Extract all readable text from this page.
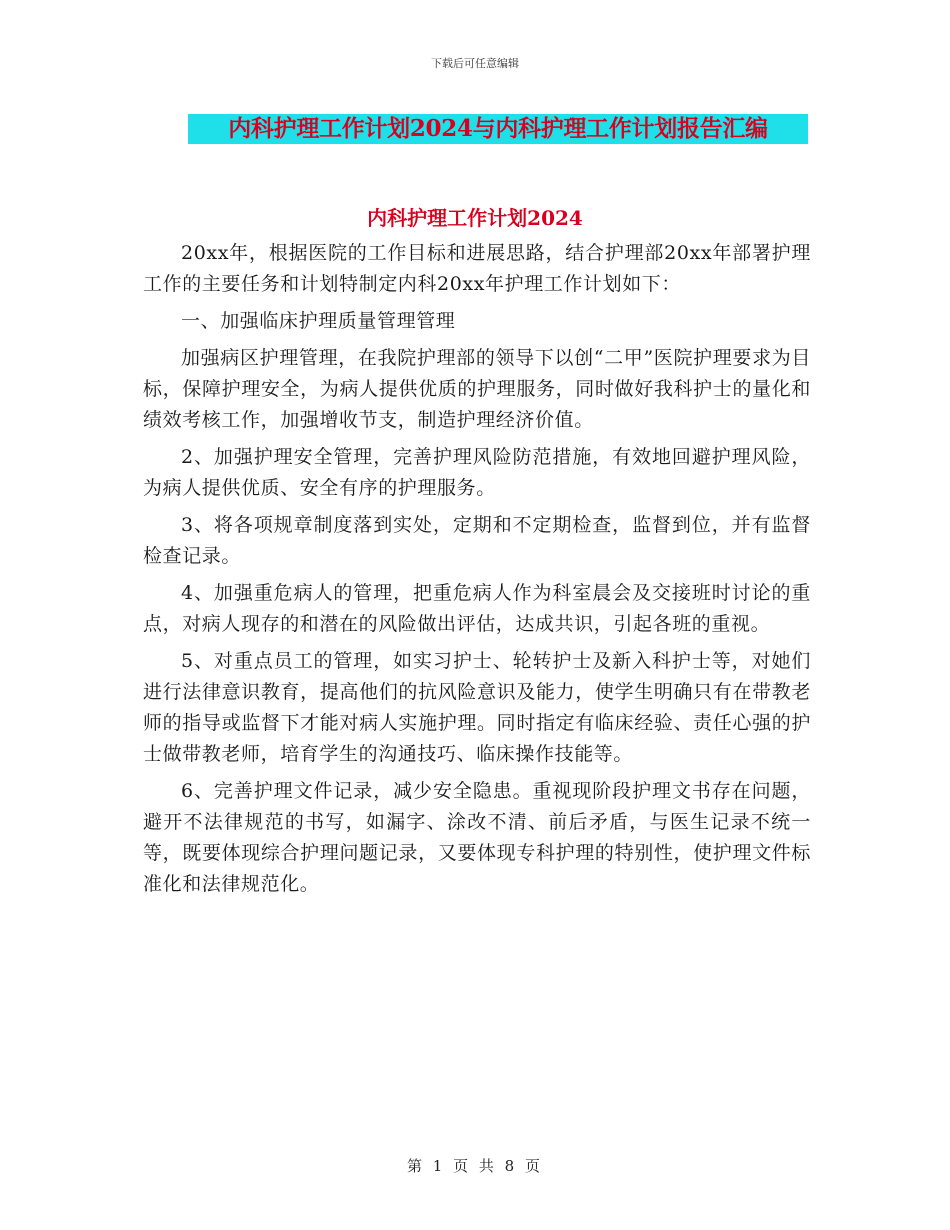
下载后可任意编辑
内科护理工作计划2024与内科护理工作计划报告汇编
内科护理工作计划2024

20xx年，根据医院的工作目标和进展思路，结合护理部20xx年部署护理工作的主要任务和计划特制定内科20xx年护理工作计划如下：

一、加强临床护理质量管理管理

加强病区护理管理，在我院护理部的领导下以创“二甲”医院护理要求为目标，保障护理安全，为病人提供优质的护理服务，同时做好我科护士的量化和绩效考核工作，加强增收节支，制造护理经济价值。

2、加强护理安全管理，完善护理风险防范措施，有效地回避护理风险，为病人提供优质、安全有序的护理服务。

3、将各项规章制度落到实处，定期和不定期检查，监督到位，并有监督检查记录。

4、加强重危病人的管理，把重危病人作为科室晨会及交接班时讨论的重点，对病人现存的和潜在的风险做出评估，达成共识，引起各班的重视。

5、对重点员工的管理，如实习护士、轮转护士及新入科护士等，对她们进行法律意识教育，提高他们的抗风险意识及能力，使学生明确只有在带教老师的指导或监督下才能对病人实施护理。同时指定有临床经验、责任心强的护士做带教老师，培育学生的沟通技巧、临床操作技能等。

6、完善护理文件记录，减少安全隐患。重视现阶段护理文书存在问题，避开不法律规范的书写，如漏字、涂改不清、前后矛盾，与医生记录不统一等，既要体现综合护理问题记录，又要体现专科护理的特别性，使护理文件标准化和法律规范化。

第 1 页 共 8 页
